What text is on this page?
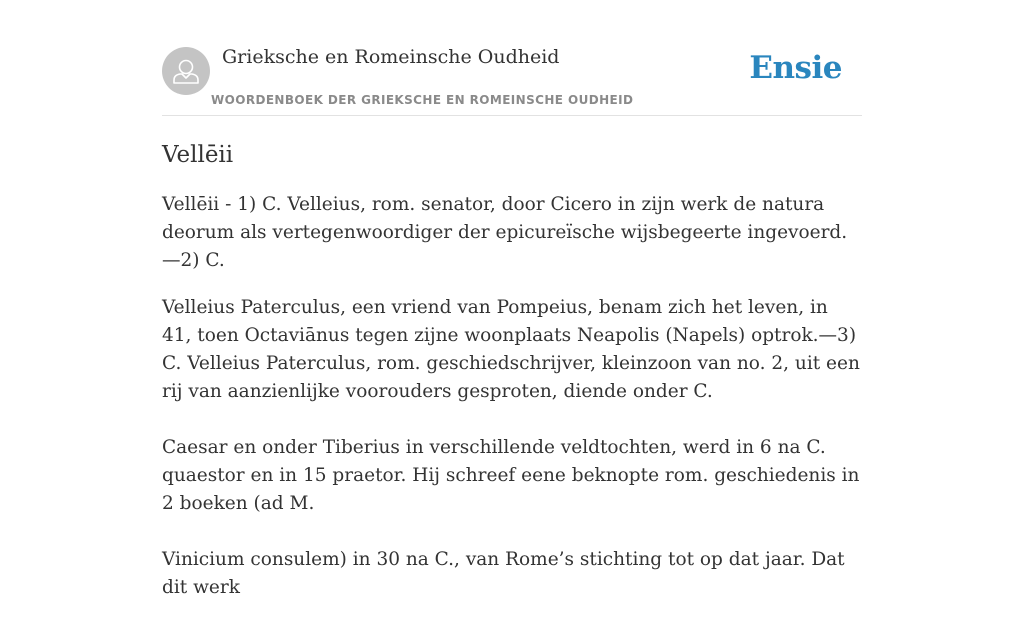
Grieksche en Romeinsche Oudheid
WOORDENBOEK DER GRIEKSCHE EN ROMEINSCHE OUDHEID
Ensie
Vellēii

Vellēii - 1) C. Velleius, rom. senator, door Cicero in zijn werk de natura deorum als vertegenwoordiger der epicureïsche wijsbegeerte ingevoerd.—2) C.

Velleius Paterculus, een vriend van Pompeius, benam zich het leven, in 41, toen Octaviānus tegen zijne woonplaats Neapolis (Napels) optrok.—3) C. Velleius Paterculus, rom. geschiedschrijver, kleinzoon van no. 2, uit een rij van aanzienlijke voorouders gesproten, diende onder C.

Caesar en onder Tiberius in verschillende veldtochten, werd in 6 na C. quaestor en in 15 praetor. Hij schreef eene beknopte rom. geschiedenis in 2 boeken (ad M.

Vinicium consulem) in 30 na C., van Rome’s stichting tot op dat jaar. Dat dit werk
